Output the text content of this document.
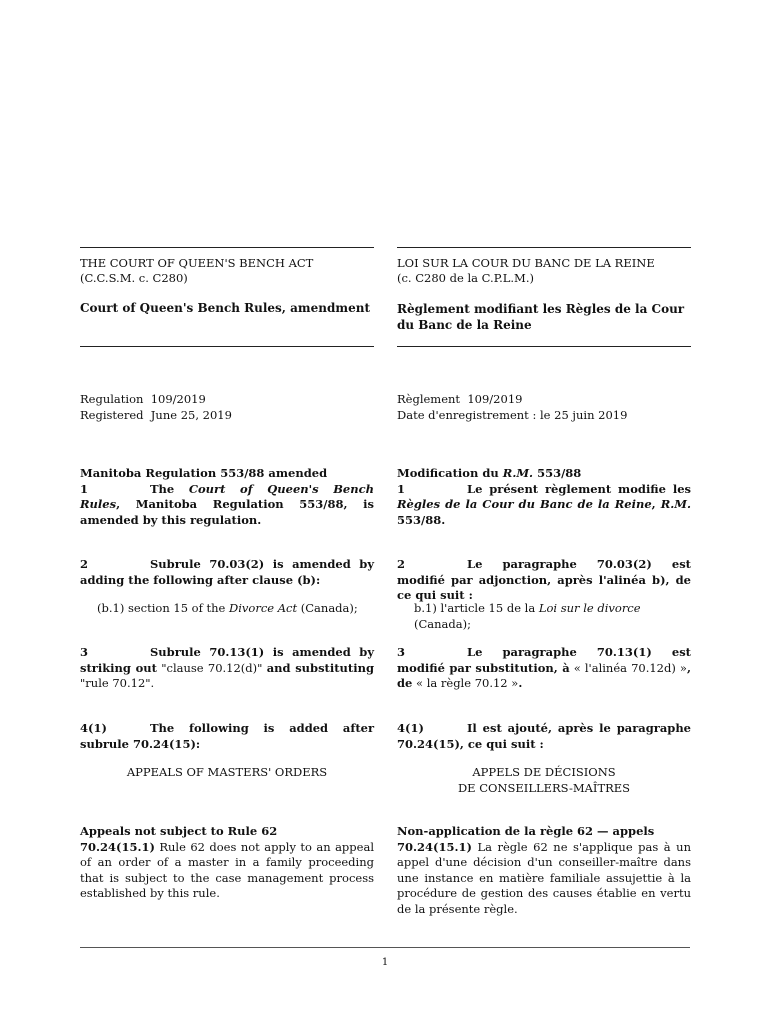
THE COURT OF QUEEN'S BENCH ACT

(C.C.S.M. c. C280)

Court of Queen's Bench Rules, amendment

LOI SUR LA COUR DU BANC DE LA REINE

(c. C280 de la C.P.L.M.)

Règlement modifiant les Règles de la Cour du Banc de la Reine

Regulation  109/2019

Registered  June 25, 2019

Règlement  109/2019

Date d'enregistrement : le 25 juin 2019

Manitoba Regulation 553/88 amended

1	The Court of Queen's Bench Rules, Manitoba Regulation 553/88, is amended by this regulation.

Modification du R.M. 553/88

1	Le présent règlement modifie les Règles de la Cour du Banc de la Reine, R.M. 553/88.

2	Subrule 70.03(2) is amended by adding the following after clause (b):

(b.1) section 15 of the Divorce Act (Canada);

2	Le paragraphe 70.03(2) est modifié par adjonction, après l'alinéa b), de ce qui suit :

b.1) l'article 15 de la Loi sur le divorce (Canada);

3	Subrule 70.13(1) is amended by striking out "clause 70.12(d)" and substituting "rule 70.12".

3	Le paragraphe 70.13(1) est modifié par substitution, à « l'alinéa 70.12d) », de « la règle 70.12 ».

4(1)	The following is added after subrule 70.24(15):

APPEALS OF MASTERS' ORDERS

4(1)	Il est ajouté, après le paragraphe 70.24(15), ce qui suit :

APPELS DE DÉCISIONS

DE CONSEILLERS-MAÎTRES

Appeals not subject to Rule 62

70.24(15.1) Rule 62 does not apply to an appeal of an order of a master in a family proceeding that is subject to the case management process established by this rule.

Non-application de la règle 62 — appels

70.24(15.1) La règle 62 ne s'applique pas à un appel d'une décision d'un conseiller-maître dans une instance en matière familiale assujettie à la procédure de gestion des causes établie en vertu de la présente règle.

1
